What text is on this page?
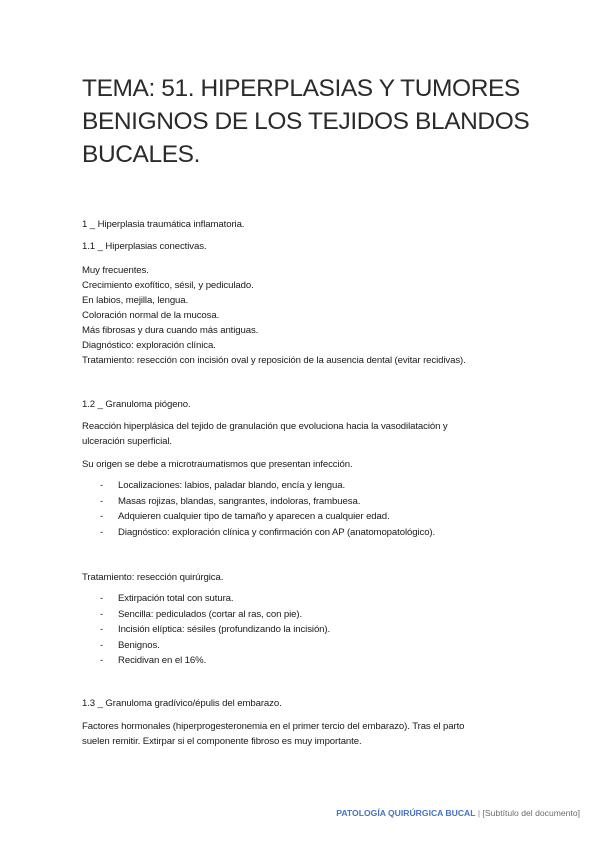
TEMA: 51. HIPERPLASIAS Y TUMORES BENIGNOS DE LOS TEJIDOS BLANDOS BUCALES.
1 _ Hiperplasia traumática inflamatoria.
1.1 _ Hiperplasias conectivas.
Muy frecuentes.
Crecimiento exofítico, sésil, y pediculado.
En labios, mejilla, lengua.
Coloración normal de la mucosa.
Más fibrosas y dura cuando más antiguas.
Diagnóstico: exploración clínica.
Tratamiento: resección con incisión oval y reposición de la ausencia dental (evitar recidivas).
1.2 _ Granuloma piógeno.
Reacción hiperplásica del tejido de granulación que evoluciona hacia la vasodilatación y
ulceración superficial.
Su origen se debe a microtraumatismos que presentan infección.
- Localizaciones: labios, paladar blando, encía y lengua.
- Masas rojizas, blandas, sangrantes, indoloras, frambuesa.
- Adquieren cualquier tipo de tamaño y aparecen a cualquier edad.
- Diagnóstico: exploración clínica y confirmación con AP (anatomopatológico).
Tratamiento: resección quirúrgica.
- Extirpación total con sutura.
- Sencilla: pediculados (cortar al ras, con pie).
- Incisión elíptica: sésiles (profundizando la incisión).
- Benignos.
- Recidivan en el 16%.
1.3 _ Granuloma gradívico/épulis del embarazo.
Factores hormonales (hiperprogesteronemia en el primer tercio del embarazo). Tras el parto
suelen remitir. Extirpar si el componente fibroso es muy importante.
PATOLOGÍA QUIRÚRGICA BUCAL | [Subtítulo del documento]
